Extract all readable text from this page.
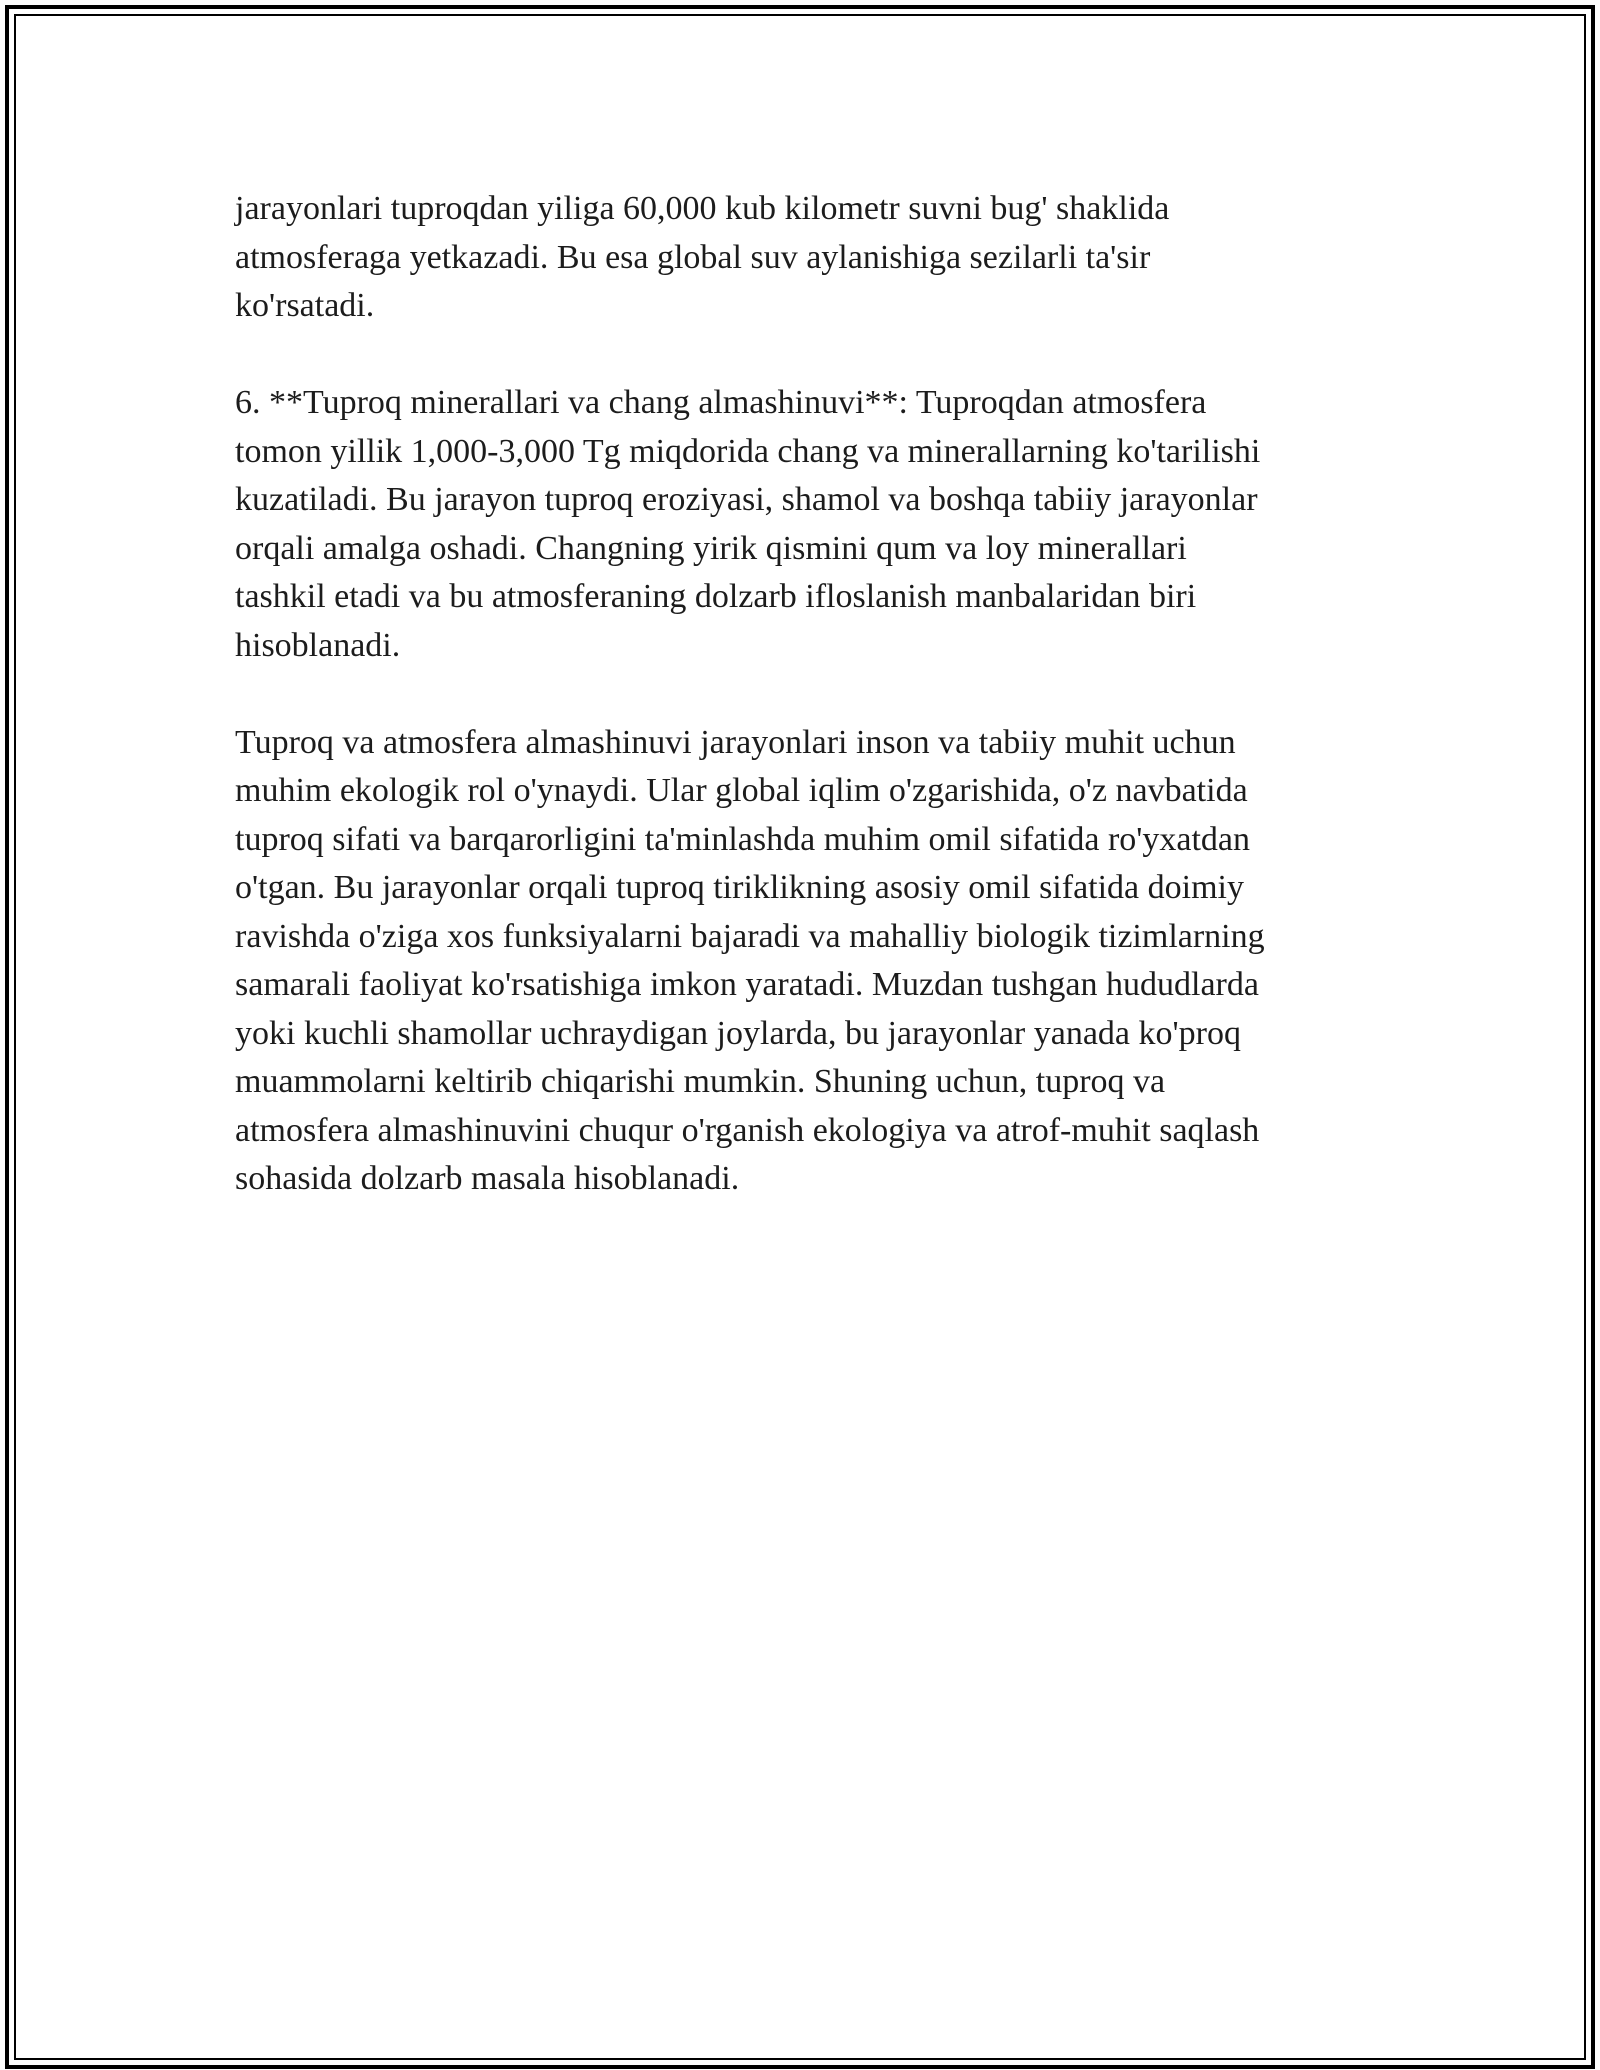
jarayonlari tuproqdan yiliga 60,000 kub kilometr suvni bug' shaklida
atmosferaga yetkazadi. Bu esa global suv aylanishiga sezilarli ta'sir
ko'rsatadi.
6. **Tuproq minerallari va chang almashinuvi**: Tuproqdan atmosfera
tomon yillik 1,000-3,000 Tg miqdorida chang va minerallarning ko'tarilishi
kuzatiladi. Bu jarayon tuproq eroziyasi, shamol va boshqa tabiiy jarayonlar
orqali amalga oshadi. Changning yirik qismini qum va loy minerallari
tashkil etadi va bu atmosferaning dolzarb ifloslanish manbalaridan biri
hisoblanadi.
Tuproq va atmosfera almashinuvi jarayonlari inson va tabiiy muhit uchun
muhim ekologik rol o'ynaydi. Ular global iqlim o'zgarishida, o'z navbatida
tuproq sifati va barqarorligini ta'minlashda muhim omil sifatida ro'yxatdan
o'tgan. Bu jarayonlar orqali tuproq tiriklikning asosiy omil sifatida doimiy
ravishda o'ziga xos funksiyalarni bajaradi va mahalliy biologik tizimlarning
samarali faoliyat ko'rsatishiga imkon yaratadi. Muzdan tushgan hududlarda
yoki kuchli shamollar uchraydigan joylarda, bu jarayonlar yanada ko'proq
muammolarni keltirib chiqarishi mumkin. Shuning uchun, tuproq va
atmosfera almashinuvini chuqur o'rganish ekologiya va atrof-muhit saqlash
sohasida dolzarb masala hisoblanadi.
